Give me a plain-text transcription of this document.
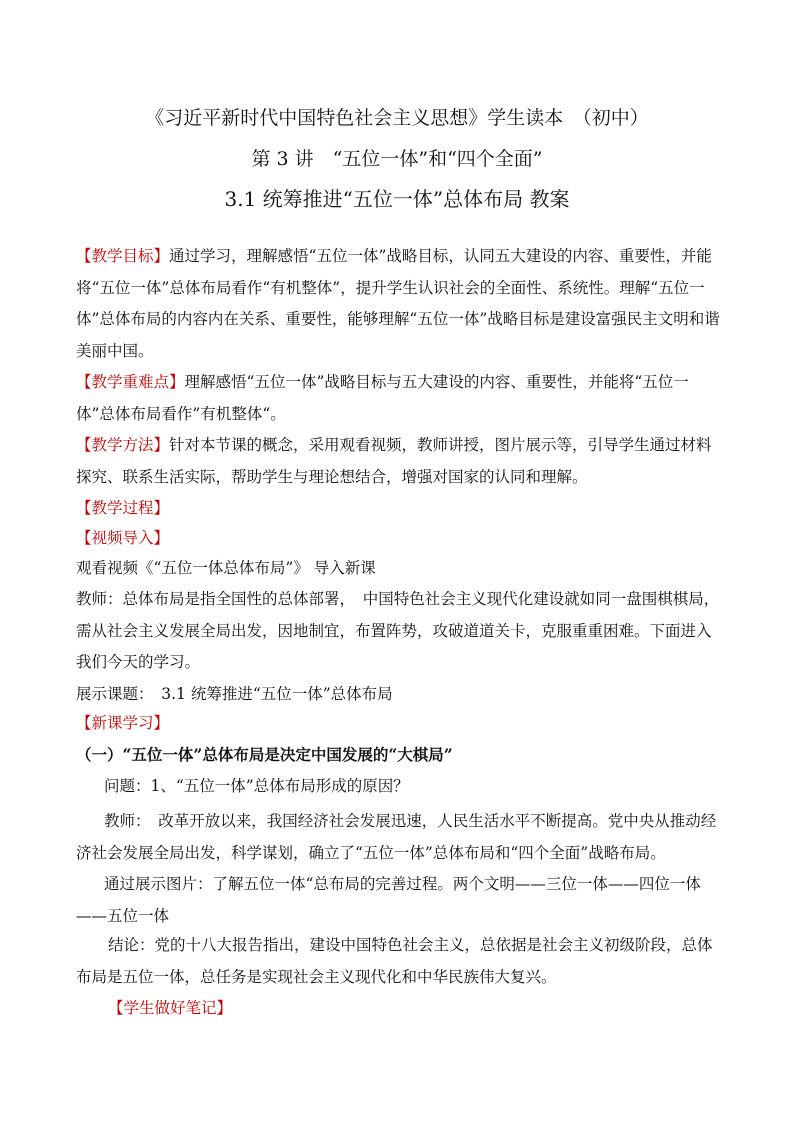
《习近平新时代中国特色社会主义思想》学生读本　（初中）
第 3 讲　“五位一体”和“四个全面”
3.1 统筹推进“五位一体”总体布局 教案
【教学目标】通过学习，理解感悟“五位一体”战略目标，认同五大建设的内容、重要性，并能将“五位一体”总体布局看作“有机整体”，提升学生认识社会的全面性、系统性。理解“五位一体”总体布局的内容内在关系、重要性，能够理解“五位一体”战略目标是建设富强民主文明和谐美丽中国。
【教学重难点】理解感悟“五位一体”战略目标与五大建设的内容、重要性，并能将“五位一体”总体布局看作”有机整体“。
【教学方法】针对本节课的概念，采用观看视频，教师讲授，图片展示等，引导学生通过材料探究、联系生活实际，帮助学生与理论想结合，增强对国家的认同和理解。
【教学过程】
【视频导入】
观看视频《“五位一体总体布局”》 导入新课
教师：总体布局是指全国性的总体部署，　中国特色社会主义现代化建设就如同一盘围棋棋局，需从社会主义发展全局出发，因地制宜，布置阵势，攻破道道关卡，克服重重困难。下面进入我们今天的学习。
展示课题：　3.1 统筹推进“五位一体”总体布局
【新课学习】
（一）“五位一体”总体布局是决定中国发展的“大棋局”
问题：1、“五位一体”总体布局形成的原因？
教师：　改革开放以来，我国经济社会发展迅速，人民生活水平不断提高。党中央从推动经济社会发展全局出发，科学谋划，确立了“五位一体”总体布局和“四个全面”战略布局。
通过展示图片：了解五位一体“总布局的完善过程。两个文明——三位一体——四位一体——五位一体
结论：党的十八大报告指出，建设中国特色社会主义，总依据是社会主义初级阶段，总体布局是五位一体，总任务是实现社会主义现代化和中华民族伟大复兴。
【学生做好笔记】
